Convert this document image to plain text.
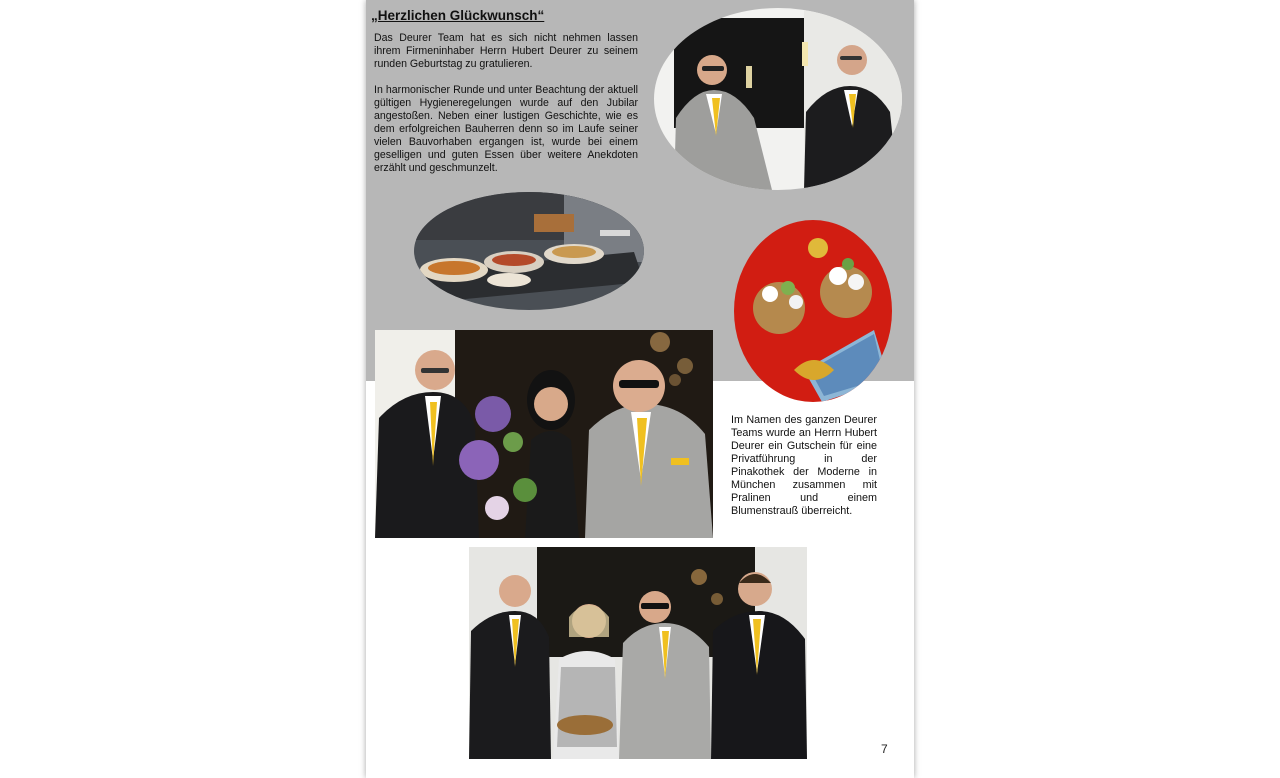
„Herzlichen Glückwunsch“

Das Deurer Team hat es sich nicht nehmen lassen ihrem Firmeninhaber Herrn Hubert Deurer zu seinem runden Geburtstag zu gratulieren.

In harmonischer Runde und unter Beachtung der aktuell gültigen Hygieneregelungen wurde auf den Jubilar angestoßen. Neben einer lustigen Geschichte, wie es dem erfolgreichen Bauherren denn so im Laufe seiner vielen Bauvorhaben ergangen ist, wurde bei einem geselligen und guten Essen über weitere Anekdoten erzählt und geschmunzelt.

Im Namen des ganzen Deurer Teams wurde an Herrn Hubert Deurer ein Gutschein für eine Privatführung in der Pinakothek der Moderne in München zusammen mit Pralinen und einem Blumenstrauß überreicht.
7
